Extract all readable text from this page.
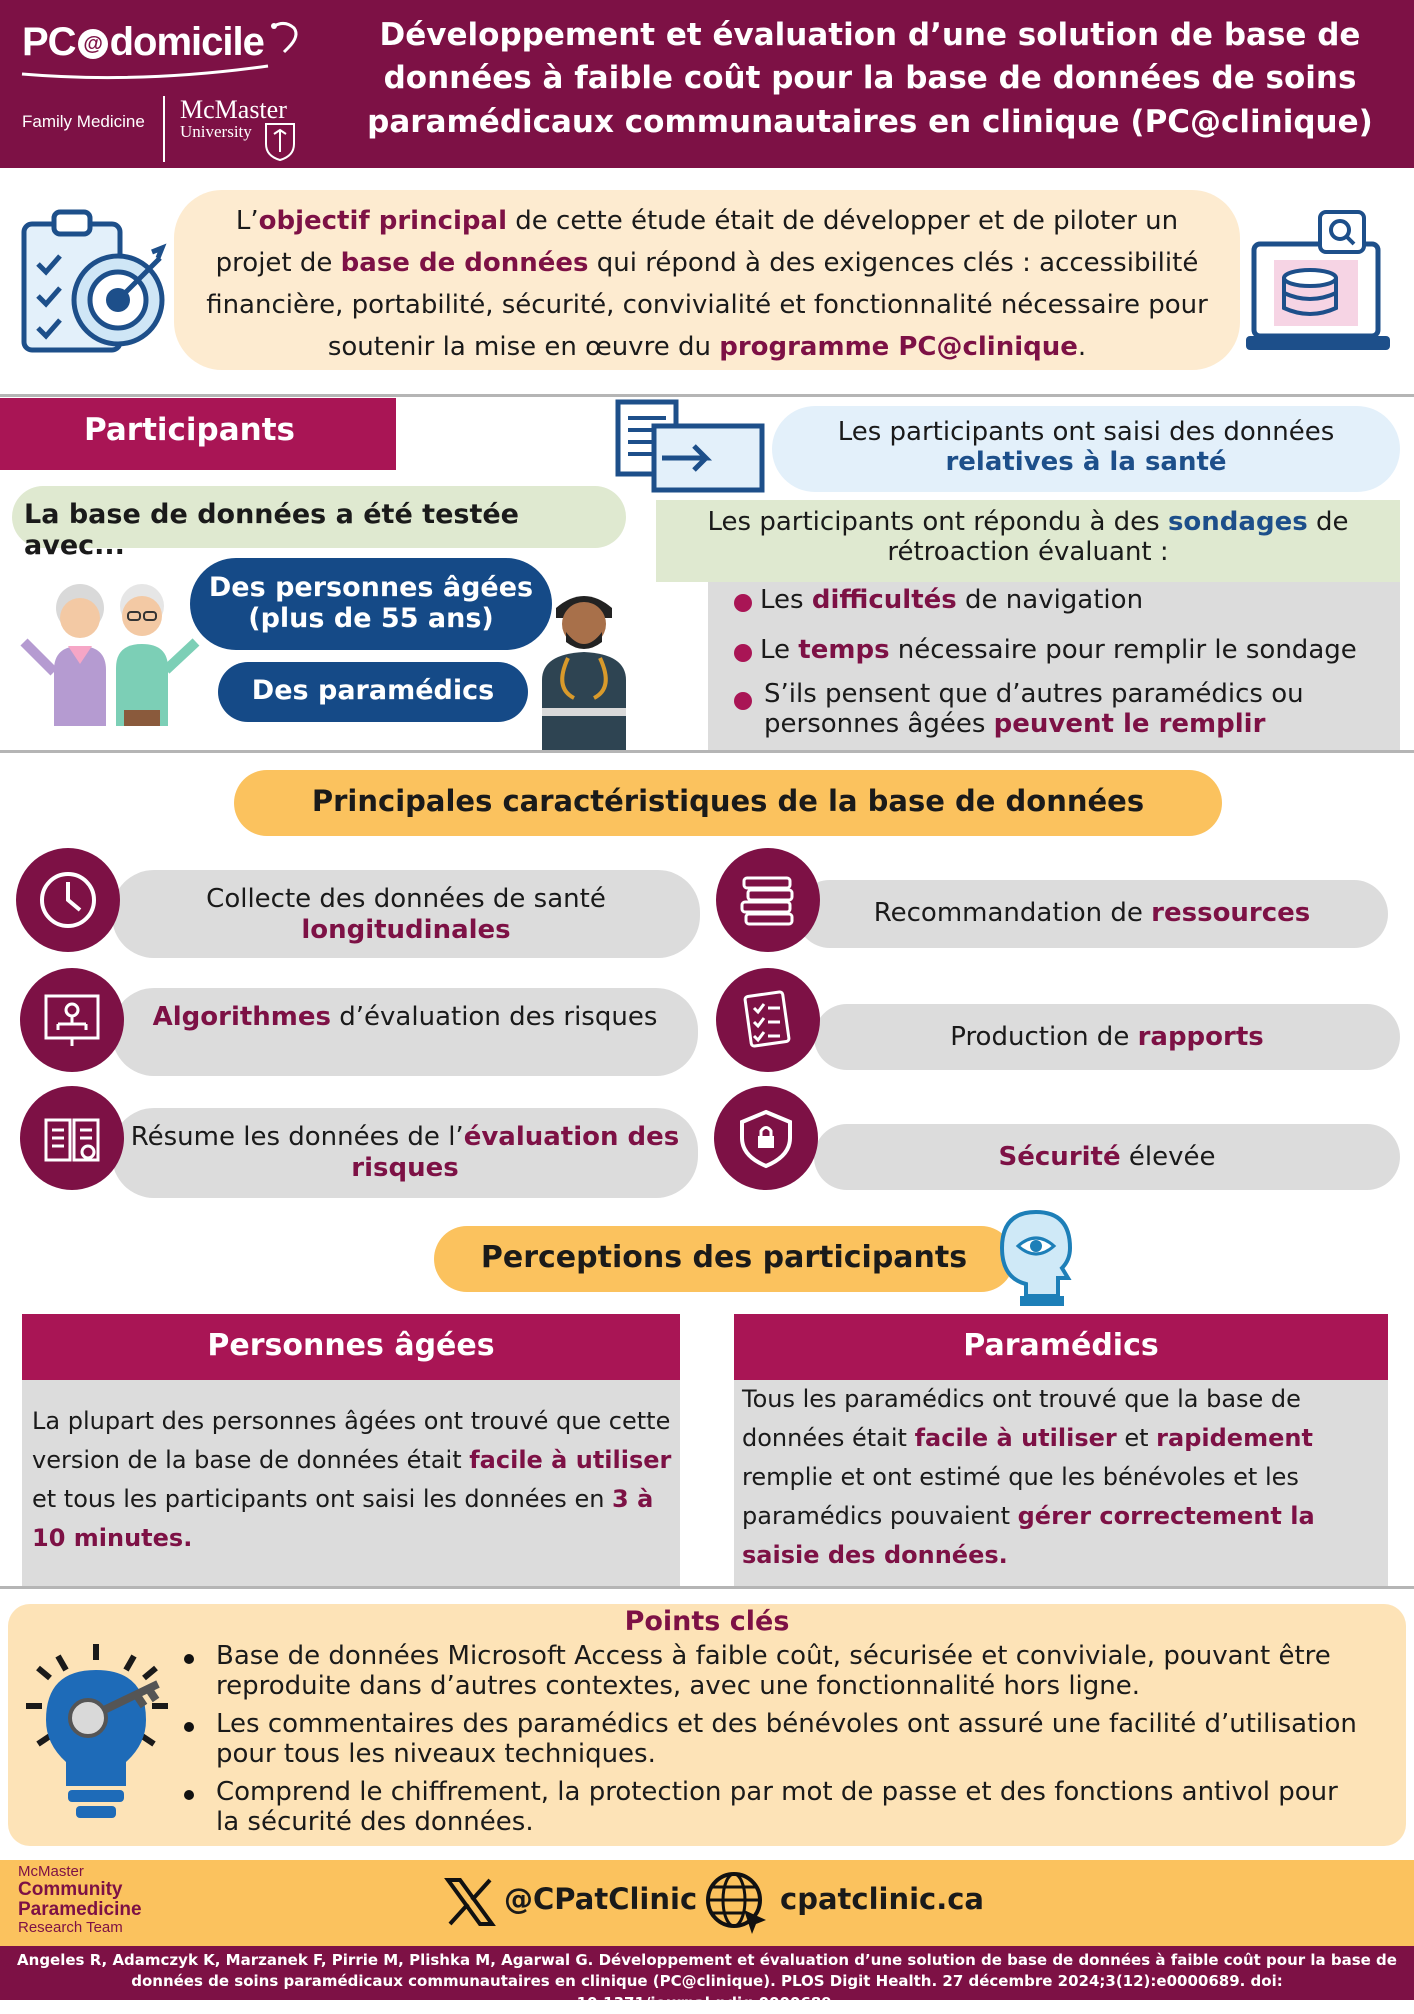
PC @ domicile
Family Medicine McMaster
University
Développement et évaluation d’une solution de base de
données à faible coût pour la base de données de soins
paramédicaux communautaires en clinique (PC@clinique)
L’objectif principal de cette étude était de développer et de piloter un projet de base de données qui répond à des exigences clés : accessibilité financière, portabilité, sécurité, convivialité et fonctionnalité nécessaire pour soutenir la mise en œuvre du programme PC@clinique.
Participants	Les participants ont saisi des données
relatives à la santé
La base de données a été testée avec...
Les participants ont répondu à des sondages de rétroaction évaluant :
Les difficultés de navigation
Le temps nécessaire pour remplir le sondage
S’ils pensent que d’autres paramédics ou personnes âgées peuvent le remplir
Des personnes âgées
(plus de 55 ans)
Des paramédics
Principales caractéristiques de la base de données
Collecte des données de santé
longitudinales
Recommandation de ressources
Algorithmes d’évaluation des risques
Production de rapports
Résume les données de l’évaluation des risques	Sécurité élevée
Perceptions des participants
Personnes âgées
La plupart des personnes âgées ont trouvé que cette version de la base de données était facile à utiliser et tous les participants ont saisi les données en 3 à 10 minutes.
Paramédics
Tous les paramédics ont trouvé que la base de données était facile à utiliser et rapidement remplie et ont estimé que les bénévoles et les paramédics pouvaient gérer correctement la saisie des données.
Points clés
Base de données Microsoft Access à faible coût, sécurisée et conviviale, pouvant être reproduite dans d’autres contextes, avec une fonctionnalité hors ligne.
Les commentaires des paramédics et des bénévoles ont assuré une facilité d’utilisation pour tous les niveaux techniques.
Comprend le chiffrement, la protection par mot de passe et des fonctions antivol pour la sécurité des données.
McMaster
Community
Paramedicine
Research Team
@CPatClinic	cpatclinic.ca
Angeles R, Adamczyk K, Marzanek F, Pirrie M, Plishka M, Agarwal G. Développement et évaluation d’une solution de base de données à faible coût pour la base de données de soins paramédicaux communautaires en clinique (PC@clinique). PLOS Digit Health. 27 décembre 2024;3(12):e0000689. doi: 10.1371/journal.pdig.0000689.
